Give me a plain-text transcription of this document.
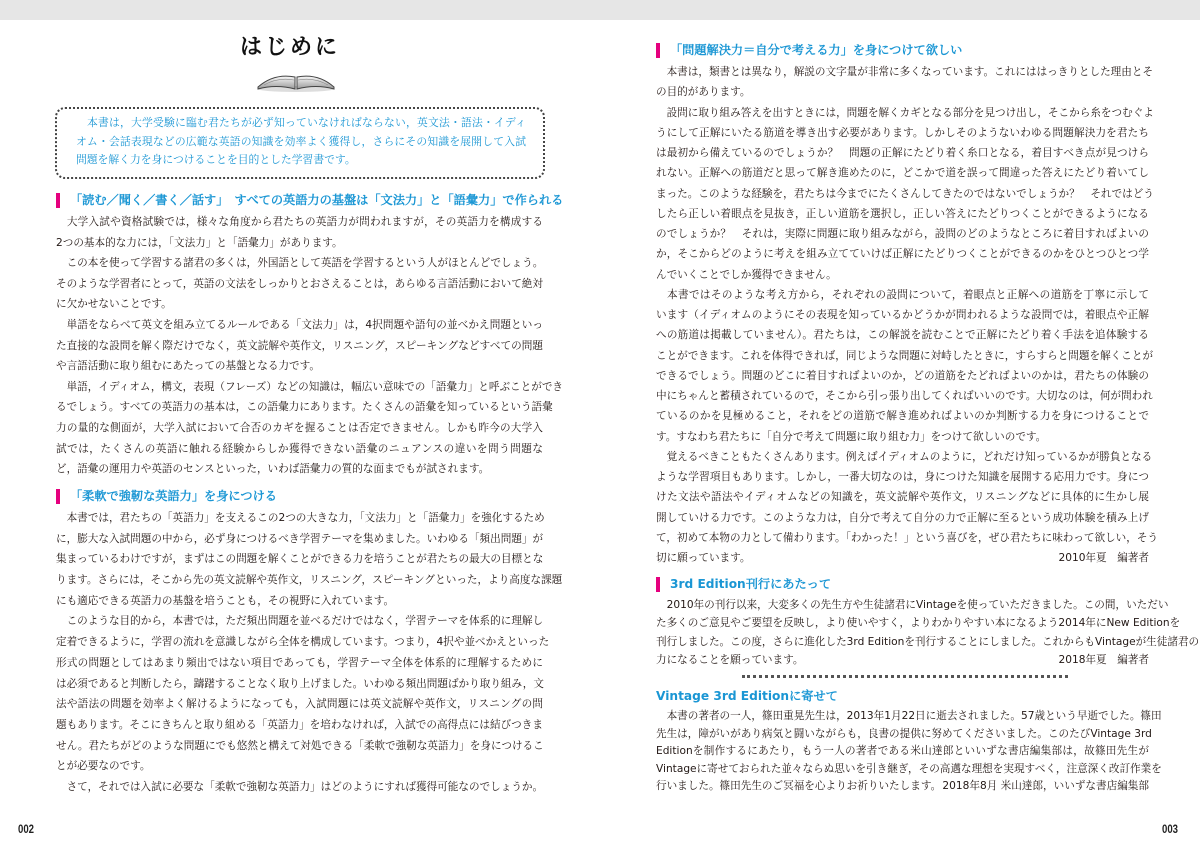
はじめに
　本書は，大学受験に臨む君たちが必ず知っていなければならない，英文法・語法・イディ
オム・会話表現などの広範な英語の知識を効率よく獲得し，さらにその知識を展開して入試
問題を解く力を身につけることを目的とした学習書です。
「読む／聞く／書く／話す」　すべての英語力の基盤は「文法力」と「語彙力」で作られる
　大学入試や資格試験では，様々な角度から君たちの英語力が問われますが，その英語力を構成する
2つの基本的な力には，「文法力」と「語彙力」があります。
　この本を使って学習する諸君の多くは，外国語として英語を学習するという人がほとんどでしょう。
そのような学習者にとって，英語の文法をしっかりとおさえることは，あらゆる言語活動において絶対
に欠かせないことです。
　単語をならべて英文を組み立てるルールである「文法力」は，4択問題や語句の並べかえ問題といっ
た直接的な設問を解く際だけでなく，英文読解や英作文，リスニング，スピーキングなどすべての問題
や言語活動に取り組むにあたっての基盤となる力です。
　単語，イディオム，構文，表現（フレーズ）などの知識は，幅広い意味での「語彙力」と呼ぶことができ
るでしょう。すべての英語力の基本は，この語彙力にあります。たくさんの語彙を知っているという語彙
力の量的な側面が，大学入試において合否のカギを握ることは否定できません。しかも昨今の大学入
試では，たくさんの英語に触れる経験からしか獲得できない語彙のニュアンスの違いを問う問題な
ど，語彙の運用力や英語のセンスといった，いわば語彙力の質的な面までもが試されます。
「柔軟で強靭な英語力」を身につける
　本書では，君たちの「英語力」を支えるこの2つの大きな力，「文法力」と「語彙力」を強化するため
に，膨大な入試問題の中から，必ず身につけるべき学習テーマを集めました。いわゆる「頻出問題」が
集まっているわけですが，まずはこの問題を解くことができる力を培うことが君たちの最大の目標とな
ります。さらには，そこから先の英文読解や英作文，リスニング，スピーキングといった，より高度な課題
にも適応できる英語力の基盤を培うことも，その視野に入れています。
　このような目的から，本書では，ただ頻出問題を並べるだけではなく，学習テーマを体系的に理解し
定着できるように，学習の流れを意識しながら全体を構成しています。つまり，4択や並べかえといった
形式の問題としてはあまり頻出ではない項目であっても，学習テーマ全体を体系的に理解するために
は必須であると判断したら，躊躇することなく取り上げました。いわゆる頻出問題ばかり取り組み，文
法や語法の問題を効率よく解けるようになっても，入試問題には英文読解や英作文，リスニングの問
題もあります。そこにきちんと取り組める「英語力」を培わなければ，入試での高得点には結びつきま
せん。君たちがどのような問題にでも悠然と構えて対処できる「柔軟で強靭な英語力」を身につけるこ
とが必要なのです。
　さて，それでは入試に必要な「柔軟で強靭な英語力」はどのようにすれば獲得可能なのでしょうか。
「問題解決力＝自分で考える力」を身につけて欲しい
　本書は，類書とは異なり，解説の文字量が非常に多くなっています。これにははっきりとした理由とそ
の目的があります。
　設問に取り組み答えを出すときには，問題を解くカギとなる部分を見つけ出し，そこから糸をつむぐよ
うにして正解にいたる筋道を導き出す必要があります。しかしそのようないわゆる問題解決力を君たち
は最初から備えているのでしょうか？　問題の正解にたどり着く糸口となる，着目すべき点が見つけら
れない。正解への筋道だと思って解き進めたのに，どこかで道を誤って間違った答えにたどり着いてし
まった。このような経験を，君たちは今までにたくさんしてきたのではないでしょうか？　それではどう
したら正しい着眼点を見抜き，正しい道筋を選択し，正しい答えにたどりつくことができるようになる
のでしょうか？　それは，実際に問題に取り組みながら，設問のどのようなところに着目すればよいの
か，そこからどのように考えを組み立てていけば正解にたどりつくことができるのかをひとつひとつ学
んでいくことでしか獲得できません。
　本書ではそのような考え方から，それぞれの設問について，着眼点と正解への道筋を丁寧に示して
います（イディオムのようにその表現を知っているかどうかが問われるような設問では，着眼点や正解
への筋道は掲載していません）。君たちは，この解説を読むことで正解にたどり着く手法を追体験する
ことができます。これを体得できれば，同じような問題に対峙したときに，すらすらと問題を解くことが
できるでしょう。問題のどこに着目すればよいのか，どの道筋をたどればよいのかは，君たちの体験の
中にちゃんと蓄積されているので，そこから引っ張り出してくればいいのです。大切なのは，何が問われ
ているのかを見極めること，それをどの道筋で解き進めればよいのか判断する力を身につけることで
す。すなわち君たちに「自分で考えて問題に取り組む力」をつけて欲しいのです。
　覚えるべきこともたくさんあります。例えばイディオムのように，どれだけ知っているかが勝負となる
ような学習項目もあります。しかし，一番大切なのは，身につけた知識を展開する応用力です。身につ
けた文法や語法やイディオムなどの知識を，英文読解や英作文，リスニングなどに具体的に生かし展
開していける力です。このような力は，自分で考えて自分の力で正解に至るという成功体験を積み上げ
て，初めて本物の力として備わります。「わかった！」という喜びを，ぜひ君たちに味わって欲しい，そう
切に願っています。	2010年夏　編著者
3rd Edition刊行にあたって
　2010年の刊行以来，大変多くの先生方や生徒諸君にVintageを使っていただきました。この間，いただい
た多くのご意見やご要望を反映し，より使いやすく，よりわかりやすい本になるよう2014年にNew Editionを
刊行しました。この度，さらに進化した3rd Editionを刊行することにしました。これからもVintageが生徒諸君の
力になることを願っています。	2018年夏　編著者
Vintage 3rd Editionに寄せて
　本書の著者の一人，篠田重晃先生は，2013年1月22日に逝去されました。57歳という早逝でした。篠田
先生は，障がいがあり病気と闘いながらも，良書の提供に努めてくださいました。このたびVintage 3rd
Editionを制作するにあたり，もう一人の著者である米山達郎といいずな書店編集部は，故篠田先生が
Vintageに寄せておられた並々ならぬ思いを引き継ぎ，その高邁な理想を実現すべく，注意深く改訂作業を
行いました。篠田先生のご冥福を心よりお祈りいたします。 2018年8月 米山達郎，いいずな書店編集部
002	003
